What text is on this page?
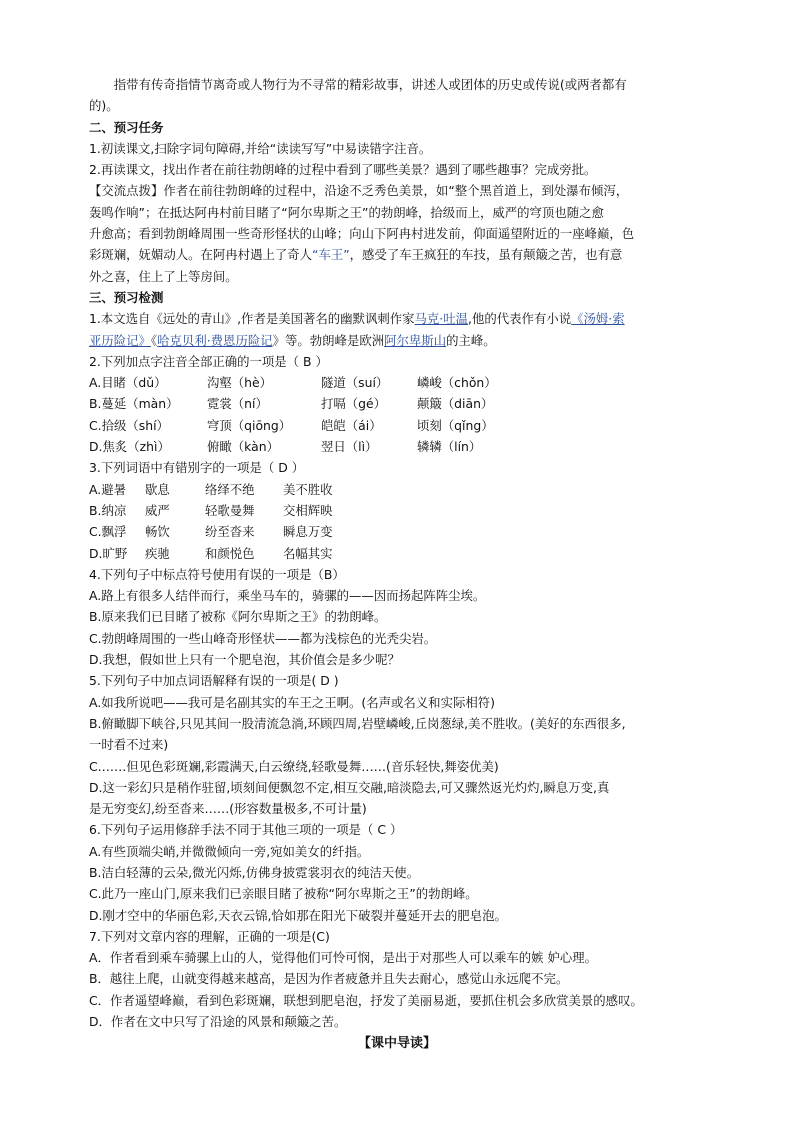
指带有传奇指情节离奇或人物行为不寻常的精彩故事，讲述人或团体的历史或传说(或两者都有

的)。

二、预习任务

1.初读课文,扫除字词句障碍,并给“读读写写”中易读错字注音。

2.再读课文，找出作者在前往勃朗峰的过程中看到了哪些美景？遇到了哪些趣事？完成旁批。

【交流点拨】作者在前往勃朗峰的过程中，沿途不乏秀色美景，如“整个黑首道上，到处瀑布倾泻，

轰鸣作响”；在抵达阿冉村前目睹了“阿尔卑斯之王”的勃朗峰，拾级而上，威严的穹顶也随之愈

升愈高；看到勃朗峰周围一些奇形怪状的山峰；向山下阿冉村进发前，仰面遥望附近的一座峰巅，色

彩斑斓，妩媚动人。在阿冉村遇上了奇人“车王”，感受了车王疯狂的车技，虽有颠簸之苦，也有意

外之喜，住上了上等房间。

三、预习检测

1.本文选自《远处的青山》,作者是美国著名的幽默讽刺作家马克·吐温,他的代表作有小说《汤姆·索

亚历险记》《哈克贝利·费恩历险记》等。勃朗峰是欧洲阿尔卑斯山的主峰。

2.下列加点字注音全部正确的一项是（ B ）

A.目睹（dǔ）	沟壑（hè）	隧道（suí）	嶙峻（chǒn）
B.蔓延（màn）	霓裳（ní）	打嗝（gé）	颠簸（diān）
C.拾级（shí）	穹顶（qiōng）	皑皑（ái）	顷刻（qǐng）
D.焦炙（zhì）	俯瞰（kàn）	翌日（lì）	辚辚（lín）

3.下列词语中有错别字的一项是（ D ）

A.避暑	歇息	络绎不绝	美不胜收
B.纳凉	威严	轻歌曼舞	交相辉映
C.飘浮	畅饮	纷至沓来	瞬息万变
D.旷野	疾驰	和颜悦色	名幅其实

4.下列句子中标点符号使用有误的一项是（B）

A.路上有很多人结伴而行，乘坐马车的，骑骡的——因而扬起阵阵尘埃。

B.原来我们已目睹了被称《阿尔卑斯之王》的勃朗峰。

C.勃朗峰周围的一些山峰奇形怪状——都为浅棕色的光秃尖岩。

D.我想，假如世上只有一个肥皂泡，其价值会是多少呢？

5.下列句子中加点词语解释有误的一项是( D )

A.如我所说吧——我可是名副其实的车王之王啊。(名声或名义和实际相符)

B.俯瞰脚下峡谷,只见其间一股清流急淌,环顾四周,岩壁嶙峻,丘岗葱绿,美不胜收。(美好的东西很多,

一时看不过来)

C.……但见色彩斑斓,彩霞满天,白云缭绕,轻歌曼舞……(音乐轻快,舞姿优美)

D.这一彩幻只是稍作驻留,顷刻间便飘忽不定,相互交融,暗淡隐去,可又骤然返光灼灼,瞬息万变,真

是无穷变幻,纷至沓来……(形容数量极多,不可计量)

6.下列句子运用修辞手法不同于其他三项的一项是（ C ）

A.有些顶端尖峭,并微微倾向一旁,宛如美女的纤指。

B.洁白轻薄的云朵,微光闪烁,仿佛身披霓裳羽衣的纯洁天使。

C.此乃一座山门,原来我们已亲眼目睹了被称“阿尔卑斯之王”的勃朗峰。

D.刚才空中的华丽色彩,天衣云锦,恰如那在阳光下破裂并蔓延开去的肥皂泡。

7.下列对文章内容的理解，正确的一项是(C)

A．作者看到乘车骑骡上山的人，觉得他们可怜可悯，是出于对那些人可以乘车的嫉 妒心理。

B．越往上爬，山就变得越来越高，是因为作者疲惫并且失去耐心，感觉山永远爬不完。

C．作者遥望峰巅，看到色彩斑斓，联想到肥皂泡，抒发了美丽易逝，要抓住机会多欣赏美景的感叹。

D．作者在文中只写了沿途的风景和颠簸之苦。

【课中导读】
